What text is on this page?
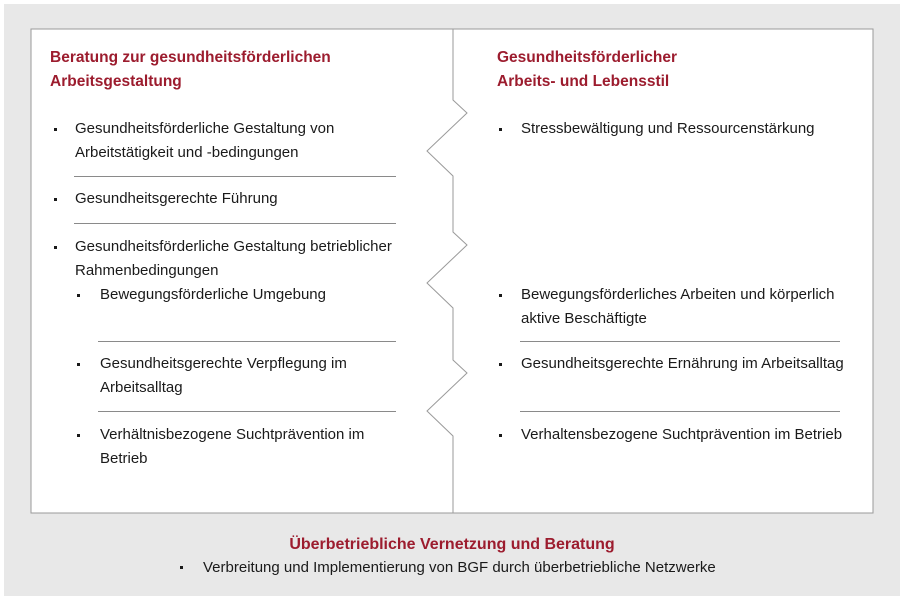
Beratung zur gesundheitsförderlichen
Arbeitsgestaltung
Gesundheitsförderliche Gestaltung von
Arbeitstätigkeit und -bedingungen
Gesundheitsgerechte Führung
Gesundheitsförderliche Gestaltung betrieblicher
Rahmenbedingungen
Bewegungsförderliche Umgebung
Gesundheitsgerechte Verpflegung im
Arbeitsalltag
Verhältnisbezogene Suchtprävention im
Betrieb
Gesundheitsförderlicher
Arbeits- und Lebensstil
Stressbewältigung und Ressourcenstärkung
Bewegungsförderliches Arbeiten und körperlich
aktive Beschäftigte
Gesundheitsgerechte Ernährung im Arbeitsalltag
Verhaltensbezogene Suchtprävention im Betrieb
Überbetriebliche Vernetzung und Beratung
Verbreitung und Implementierung von BGF durch überbetriebliche Netzwerke
